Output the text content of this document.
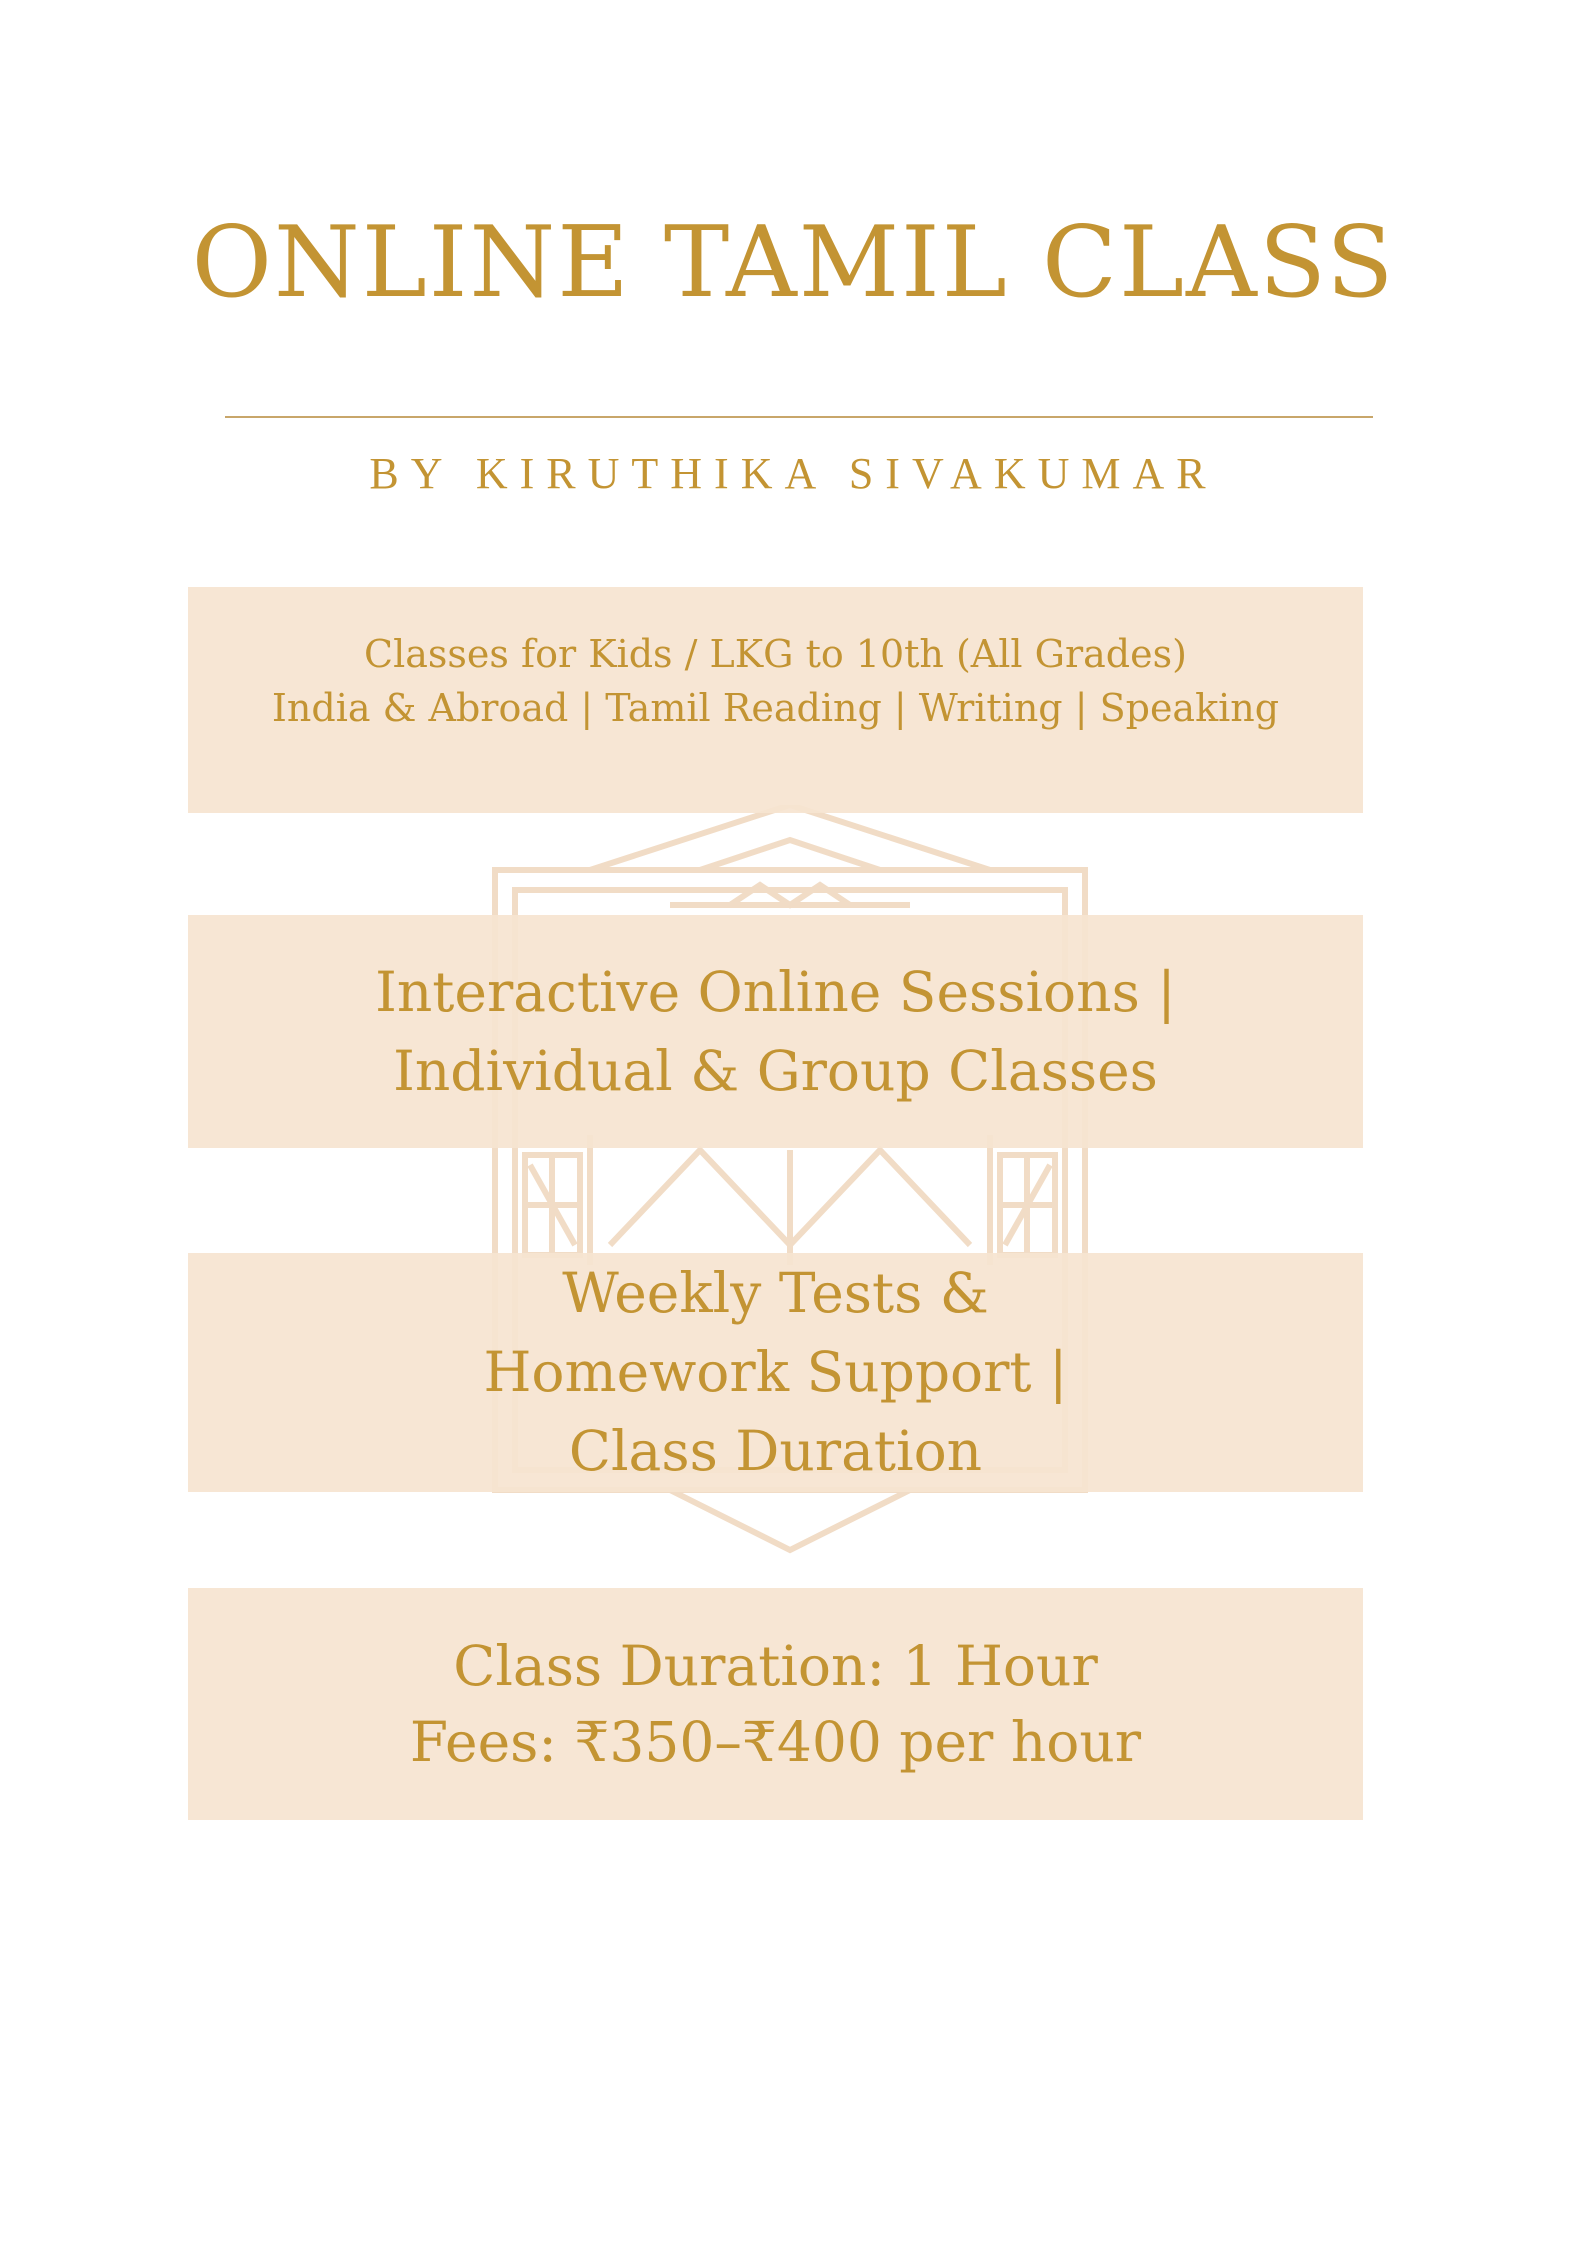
ONLINE TAMIL CLASS
BY KIRUTHIKA SIVAKUMAR
Classes for Kids / LKG to 10th (All Grades)
India & Abroad | Tamil Reading | Writing | Speaking
Interactive Online Sessions |
Individual & Group Classes
Weekly Tests &
Homework Support |
Class Duration
Class Duration: 1 Hour
Fees: ₹350–₹400 per hour
